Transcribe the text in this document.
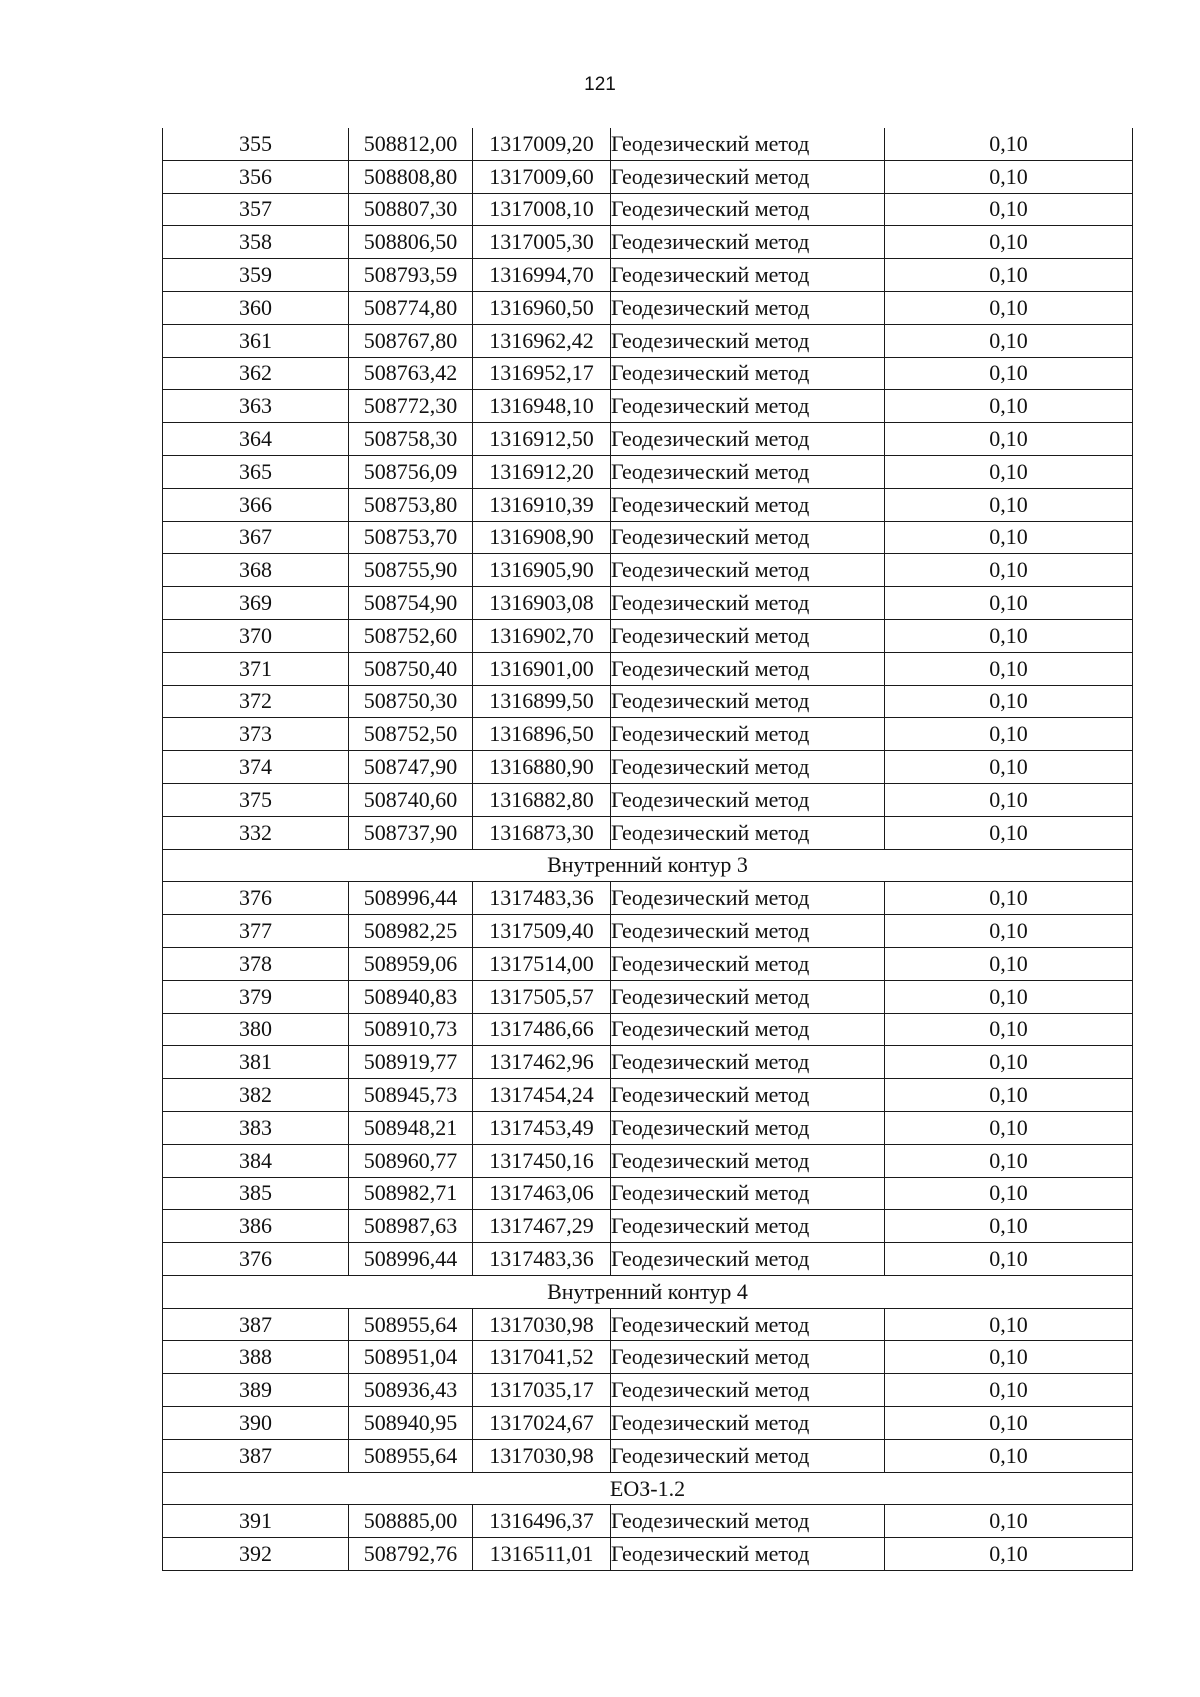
121
355	508812,00	1317009,20	Геодезический метод	0,10
356	508808,80	1317009,60	Геодезический метод	0,10
357	508807,30	1317008,10	Геодезический метод	0,10
358	508806,50	1317005,30	Геодезический метод	0,10
359	508793,59	1316994,70	Геодезический метод	0,10
360	508774,80	1316960,50	Геодезический метод	0,10
361	508767,80	1316962,42	Геодезический метод	0,10
362	508763,42	1316952,17	Геодезический метод	0,10
363	508772,30	1316948,10	Геодезический метод	0,10
364	508758,30	1316912,50	Геодезический метод	0,10
365	508756,09	1316912,20	Геодезический метод	0,10
366	508753,80	1316910,39	Геодезический метод	0,10
367	508753,70	1316908,90	Геодезический метод	0,10
368	508755,90	1316905,90	Геодезический метод	0,10
369	508754,90	1316903,08	Геодезический метод	0,10
370	508752,60	1316902,70	Геодезический метод	0,10
371	508750,40	1316901,00	Геодезический метод	0,10
372	508750,30	1316899,50	Геодезический метод	0,10
373	508752,50	1316896,50	Геодезический метод	0,10
374	508747,90	1316880,90	Геодезический метод	0,10
375	508740,60	1316882,80	Геодезический метод	0,10
332	508737,90	1316873,30	Геодезический метод	0,10
Внутренний контур 3				
376	508996,44	1317483,36	Геодезический метод	0,10
377	508982,25	1317509,40	Геодезический метод	0,10
378	508959,06	1317514,00	Геодезический метод	0,10
379	508940,83	1317505,57	Геодезический метод	0,10
380	508910,73	1317486,66	Геодезический метод	0,10
381	508919,77	1317462,96	Геодезический метод	0,10
382	508945,73	1317454,24	Геодезический метод	0,10
383	508948,21	1317453,49	Геодезический метод	0,10
384	508960,77	1317450,16	Геодезический метод	0,10
385	508982,71	1317463,06	Геодезический метод	0,10
386	508987,63	1317467,29	Геодезический метод	0,10
376	508996,44	1317483,36	Геодезический метод	0,10
Внутренний контур 4				
387	508955,64	1317030,98	Геодезический метод	0,10
388	508951,04	1317041,52	Геодезический метод	0,10
389	508936,43	1317035,17	Геодезический метод	0,10
390	508940,95	1317024,67	Геодезический метод	0,10
387	508955,64	1317030,98	Геодезический метод	0,10
ЕОЗ-1.2				
391	508885,00	1316496,37	Геодезический метод	0,10
392	508792,76	1316511,01	Геодезический метод	0,10
